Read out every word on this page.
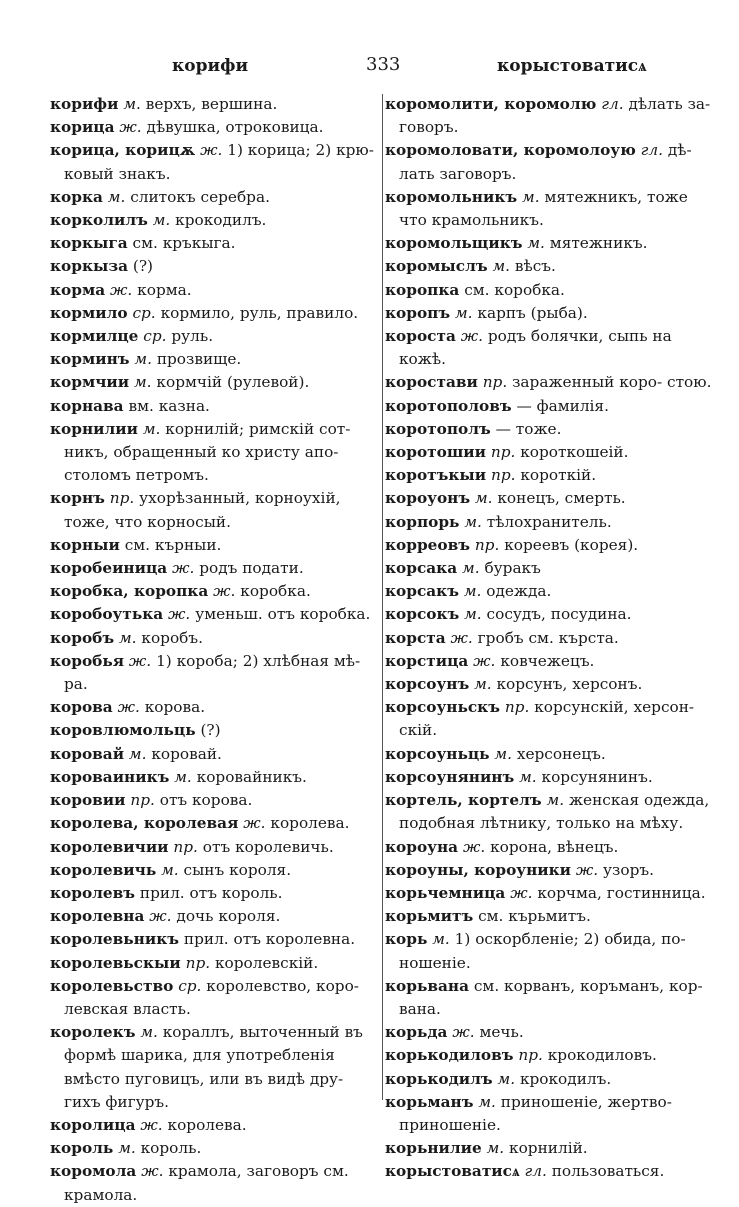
корифи	333	корыстоватисѧ

корифи м. верхъ, вершина.

корица ж. дѣвушка, отроковица.

корица, корицѫ ж. 1) корица; 2) крю- ковый знакъ.

корка м. слитокъ серебра.

корколилъ м. крокодилъ.

коркыга см. кръкыга.

коркыза (?)

корма ж. корма.

кормило ср. кормило, руль, правило.

кормилце ср. руль.

корминъ м. прозвище.

кормчии м. кормчій (рулевой).

корнава вм. казна.

корнилии м. корнилій; римскій сот- никъ, обращенный ко христу апо- столомъ петромъ.

корнъ пр. ухорѣзанный, корноухій, тоже, что корносый.

корныи см. кърныи.

коробеиница ж. родъ подати.

коробка, коропка ж. коробка.

коробоутька ж. уменьш. отъ коробка.

коробъ м. коробъ.

коробья ж. 1) короба; 2) хлѣбная мѣ- ра.

корова ж. корова.

коровлюмольць (?)

коровай м. коровай.

короваиникъ м. коровайникъ.

коровии пр. отъ корова.

королева, королевая ж. королева.

королевичии пр. отъ королевичь.

королевичь м. сынъ короля.

королевъ прил. отъ король.

королевна ж. дочь короля.

королевьникъ прил. отъ королевна.

королевьскыи пр. королевскій.

королевьство ср. королевство, коро- левская власть.

королекъ м. кораллъ, выточенный въ формѣ шарика, для употребленія вмѣсто пуговицъ, или въ видѣ дру- гихъ фигуръ.

королица ж. королева.

король м. король.

коромола ж. крамола, заговоръ см. крамола.

коромолити, коромолю гл. дѣлать за- говоръ.

коромоловати, коромолоую гл. дѣ- лать заговоръ.

коромольникъ м. мятежникъ, тоже что крамольникъ.

коромольщикъ м. мятежникъ.

коромыслъ м. вѣсъ.

коропка см. коробка.

коропъ м. карпъ (рыба).

короста ж. родъ болячки, сыпь на кожѣ.

коростави пр. зараженный коро- стою.

коротополовъ — фамилія.

коротополъ — тоже.

коротошии пр. короткошеій.

коротъкыи пр. короткій.

короуонъ м. конецъ, смерть.

корпорь м. тѣлохранитель.

корреовъ пр. кореевъ (корея).

корсака м. буракъ

корсакъ м. одежда.

корсокъ м. сосудъ, посудина.

корста ж. гробъ см. кърста.

корстица ж. ковчежецъ.

корсоунъ м. корсунъ, херсонъ.

корсоуньскъ пр. корсунскій, херсон- скій.

корсоуньць м. херсонецъ.

корсоунянинъ м. корсунянинъ.

кортель, кортелъ м. женская одежда, подобная лѣтнику, только на мѣху.

короуна ж. корона, вѣнецъ.

короуны, короуники ж. узоръ.

корьчемница ж. корчма, гостинница.

корьмитъ см. кърьмитъ.

корь м. 1) оскорбленіе; 2) обида, по- ношеніе.

корьвана см. корванъ, коръманъ, кор- вана.

корьда ж. мечь.

корькодиловъ пр. крокодиловъ.

корькодилъ м. крокодилъ.

корьманъ м. приношеніе, жертво- приношеніе.

корьнилие м. корнилій.

корыстоватисѧ гл. пользоваться.
